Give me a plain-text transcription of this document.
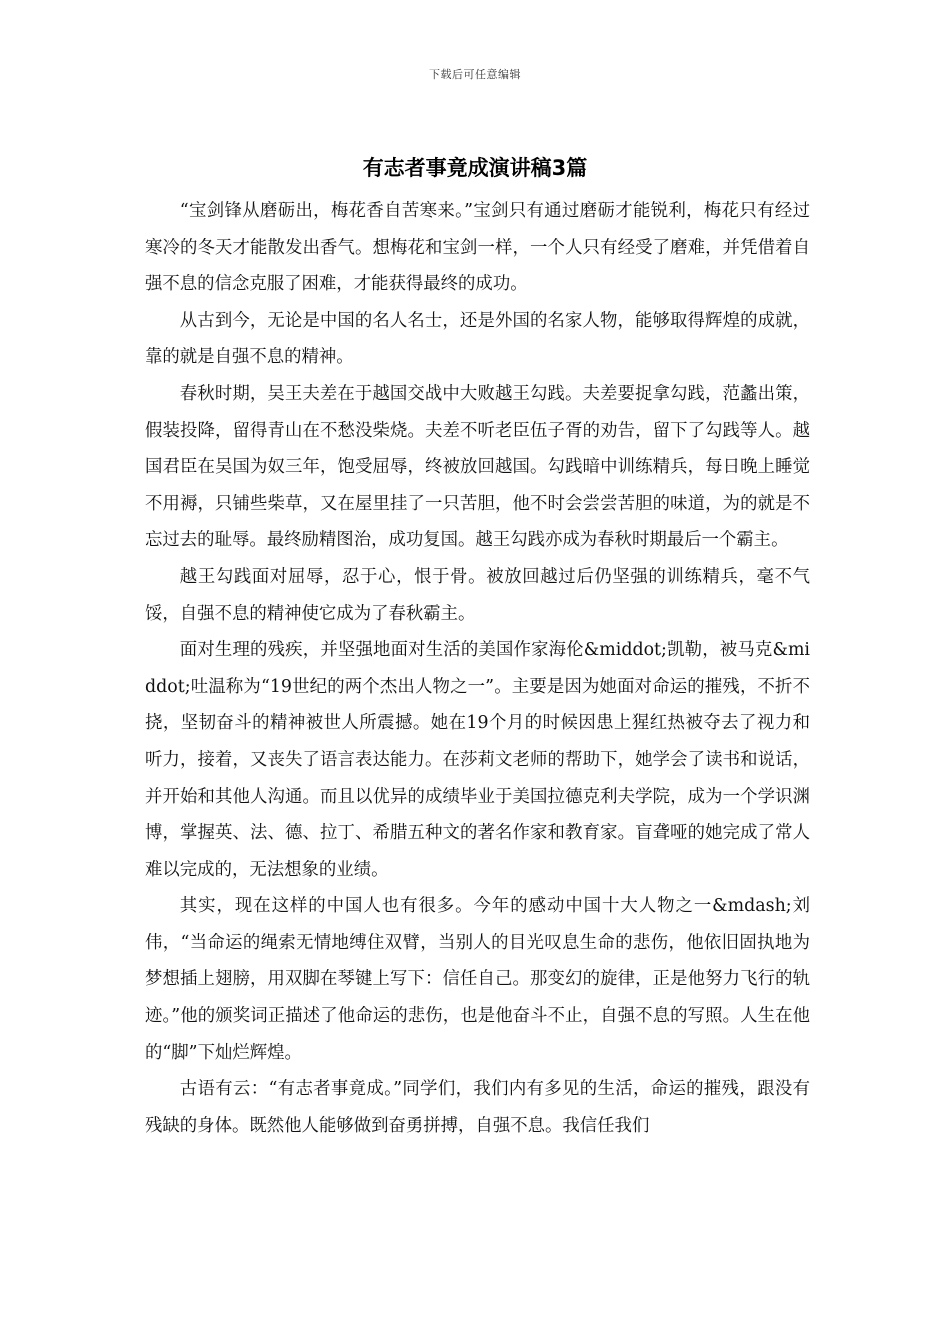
下载后可任意编辑
有志者事竟成演讲稿3篇

“宝剑锋从磨砺出，梅花香自苦寒来。”宝剑只有通过磨砺才能锐利，梅花只有经过寒冷的冬天才能散发出香气。想梅花和宝剑一样，一个人只有经受了磨难，并凭借着自强不息的信念克服了困难，才能获得最终的成功。

从古到今，无论是中国的名人名士，还是外国的名家人物，能够取得辉煌的成就，靠的就是自强不息的精神。

春秋时期，吴王夫差在于越国交战中大败越王勾践。夫差要捉拿勾践，范蠡出策，假装投降，留得青山在不愁没柴烧。夫差不听老臣伍子胥的劝告，留下了勾践等人。越国君臣在吴国为奴三年，饱受屈辱，终被放回越国。勾践暗中训练精兵，每日晚上睡觉不用褥，只铺些柴草，又在屋里挂了一只苦胆，他不时会尝尝苦胆的味道，为的就是不忘过去的耻辱。最终励精图治，成功复国。越王勾践亦成为春秋时期最后一个霸主。

越王勾践面对屈辱，忍于心，恨于骨。被放回越过后仍坚强的训练精兵，毫不气馁，自强不息的精神使它成为了春秋霸主。

面对生理的残疾，并坚强地面对生活的美国作家海伦&middot;凯勒，被马克&middot;吐温称为“19世纪的两个杰出人物之一”。主要是因为她面对命运的摧残，不折不挠，坚韧奋斗的精神被世人所震撼。她在19个月的时候因患上猩红热被夺去了视力和听力，接着，又丧失了语言表达能力。在莎莉文老师的帮助下，她学会了读书和说话，并开始和其他人沟通。而且以优异的成绩毕业于美国拉德克利夫学院，成为一个学识渊博，掌握英、法、德、拉丁、希腊五种文的著名作家和教育家。盲聋哑的她完成了常人难以完成的，无法想象的业绩。

其实，现在这样的中国人也有很多。今年的感动中国十大人物之一&mdash;刘伟，“当命运的绳索无情地缚住双臂，当别人的目光叹息生命的悲伤，他依旧固执地为梦想插上翅膀，用双脚在琴键上写下：信任自己。那变幻的旋律，正是他努力飞行的轨迹。”他的颁奖词正描述了他命运的悲伤，也是他奋斗不止，自强不息的写照。人生在他的“脚”下灿烂辉煌。

古语有云：“有志者事竟成。”同学们，我们内有多见的生活，命运的摧残，跟没有残缺的身体。既然他人能够做到奋勇拼搏，自强不息。我信任我们
